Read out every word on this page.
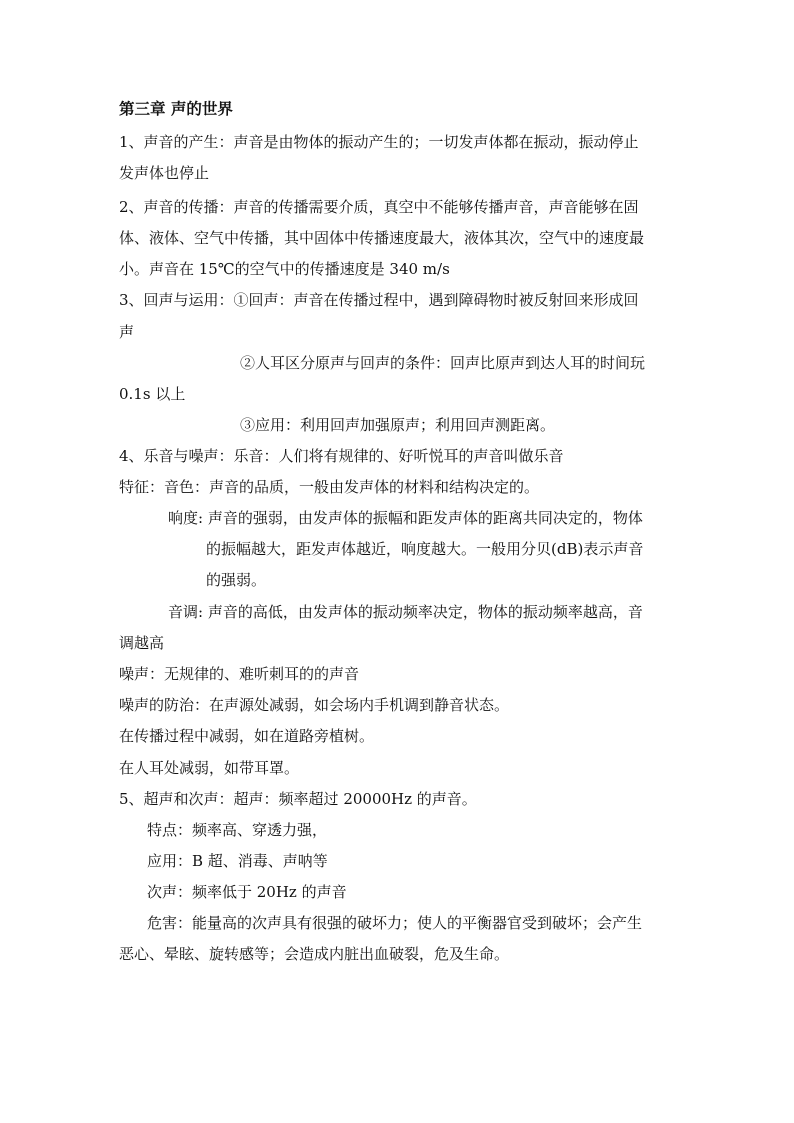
第三章 声的世界
1、声音的产生：声音是由物体的振动产生的；一切发声体都在振动，振动停止
发声体也停止
2、声音的传播：声音的传播需要介质，真空中不能够传播声音，声音能够在固
体、液体、空气中传播，其中固体中传播速度最大，液体其次，空气中的速度最
小。声音在 15℃的空气中的传播速度是 340 m/s
3、回声与运用：①回声：声音在传播过程中，遇到障碍物时被反射回来形成回
声
②人耳区分原声与回声的条件：回声比原声到达人耳的时间玩
0.1s 以上
③应用：利用回声加强原声；利用回声测距离。
4、乐音与噪声：乐音：人们将有规律的、好听悦耳的声音叫做乐音
特征：音色：声音的品质，一般由发声体的材料和结构决定的。
响度: 声音的强弱，由发声体的振幅和距发声体的距离共同决定的，物体
的振幅越大，距发声体越近，响度越大。一般用分贝(dB)表示声音
的强弱。
音调: 声音的高低，由发声体的振动频率决定，物体的振动频率越高，音
调越高
噪声：无规律的、难听刺耳的的声音
噪声的防治：在声源处减弱，如会场内手机调到静音状态。
在传播过程中减弱，如在道路旁植树。
在人耳处减弱，如带耳罩。
5、超声和次声：超声：频率超过 20000Hz 的声音。
特点：频率高、穿透力强，
应用：B 超、消毒、声呐等
次声：频率低于 20Hz 的声音
危害：能量高的次声具有很强的破坏力；使人的平衡器官受到破坏；会产生
恶心、晕眩、旋转感等；会造成内脏出血破裂，危及生命。
